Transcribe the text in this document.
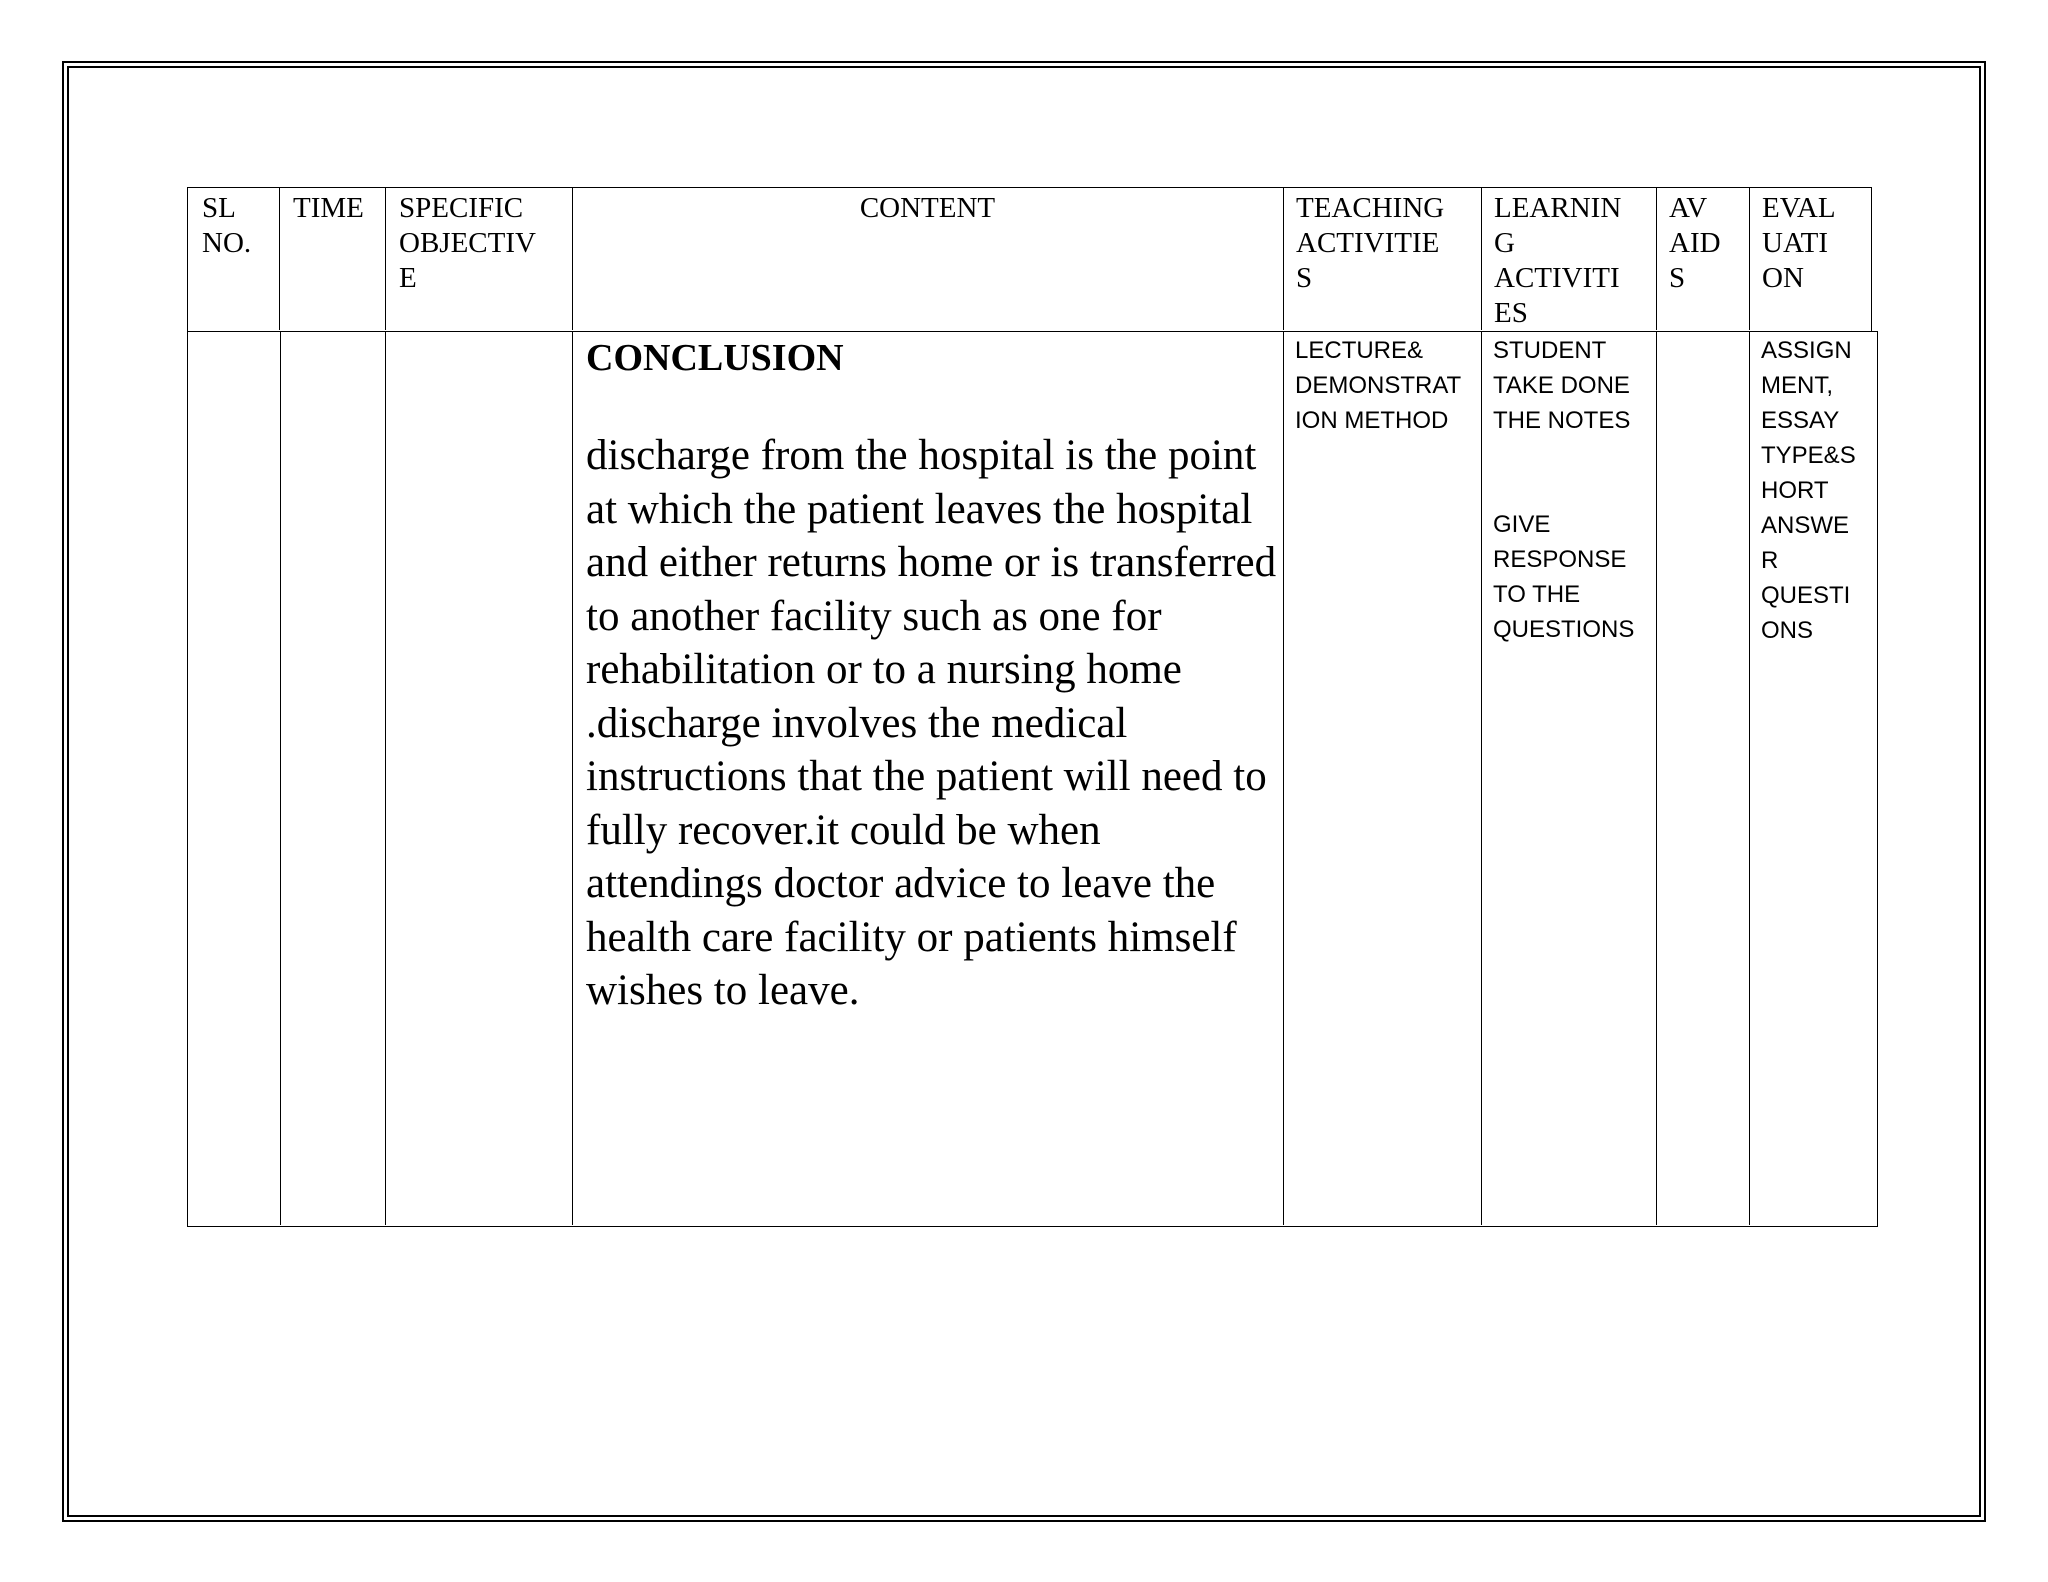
SL
NO.
TIME SPECIFIC
OBJECTIV
E
CONTENT	TEACHING
ACTIVITIE
S
LEARNIN
G
ACTIVITI
ES
AV
AID
S
EVAL
UATI
ON
CONCLUSION
discharge from the hospital is the point at which the patient leaves the hospital and either returns home or is transferred to another facility such as one for rehabilitation or to a nursing home .discharge involves the medical instructions that the patient will need to fully recover.it could be when attendings doctor advice to leave the health care facility or patients himself wishes to leave.
LECTURE&
DEMONSTRAT
ION METHOD
STUDENT
TAKE DONE
THE NOTES
GIVE
RESPONSE
TO THE
QUESTIONS
ASSIGN
MENT,
ESSAY
TYPE&S
HORT
ANSWE
R
QUESTI
ONS
